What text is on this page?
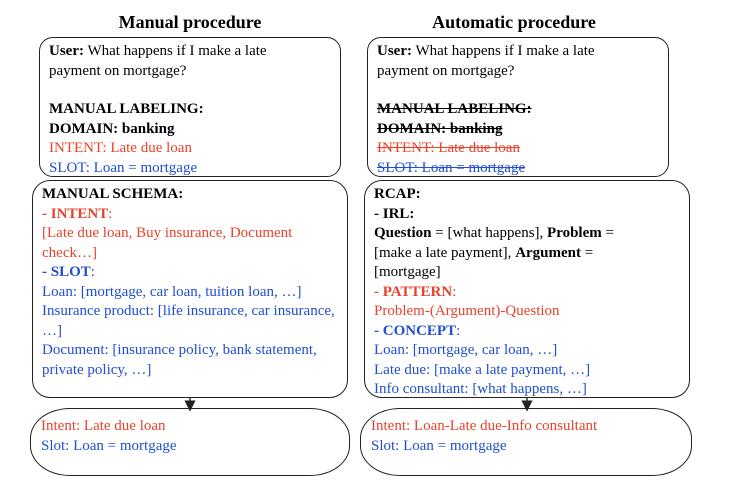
Manual procedure	Automatic procedure
User: What happens if I make a late
payment on mortgage?
MANUAL LABELING:
DOMAIN: banking
INTENT: Late due loan
SLOT: Loan = mortgage
MANUAL SCHEMA:
- INTENT:
[Late due loan, Buy insurance, Document check…]
- SLOT:
Loan: [mortgage, car loan, tuition loan, …]
Insurance product: [life insurance, car insurance, …]
Document: [insurance policy, bank statement, private policy, …]
Intent: Late due loan
Slot: Loan = mortgage
User: What happens if I make a late
payment on mortgage?
MANUAL LABELING:
DOMAIN: banking
INTENT: Late due loan
SLOT: Loan = mortgage
RCAP:
- IRL:
Question = [what happens], Problem =
[make a late payment], Argument =
[mortgage]
- PATTERN:
Problem-(Argument)-Question
- CONCEPT:
Loan: [mortgage, car loan, …]
Late due: [make a late payment, …]
Info consultant: [what happens, …]
Intent: Loan-Late due-Info consultant
Slot: Loan = mortgage
